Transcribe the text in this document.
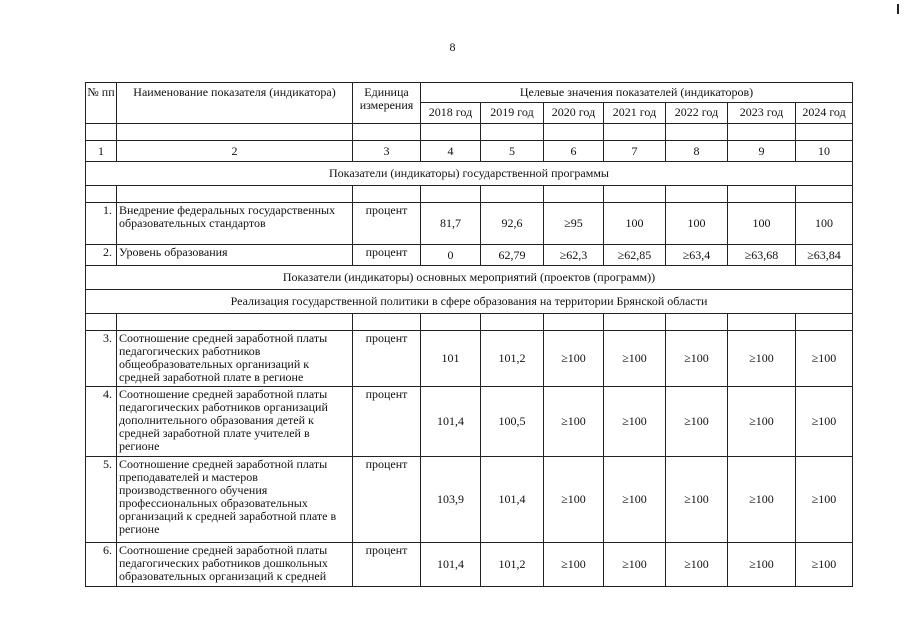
8
№ пп	Наименование показателя (индикатора)	Единица измерения	Целевые значения показателей (индикаторов)						
			2018 год	2019 год	2020 год	2021 год	2022 год	2023 год	2024 год

1	2	3	4	5	6	7	8	9	10
Показатели (индикаторы) государственной программы									

1.	Внедрение федеральных государственных образовательных стандартов	процент	81,7	92,6	≥95	100	100	100	100
2.	Уровень образования	процент	0	62,79	≥62,3	≥62,85	≥63,4	≥63,68	≥63,84
Показатели (индикаторы) основных мероприятий (проектов (программ))									
Реализация государственной политики в сфере образования на территории Брянской области									

3.	Соотношение средней заработной платы педагогических работников общеобразовательных организаций к средней заработной плате в регионе	процент	101	101,2	≥100	≥100	≥100	≥100	≥100
4.	Соотношение средней заработной платы педагогических работников организаций дополнительного образования детей к средней заработной плате учителей в регионе	процент	101,4	100,5	≥100	≥100	≥100	≥100	≥100
5.	Соотношение средней заработной платы преподавателей и мастеров производственного обучения профессиональных образовательных организаций к средней заработной плате в регионе	процент	103,9	101,4	≥100	≥100	≥100	≥100	≥100
6.	Соотношение средней заработной платы педагогических работников дошкольных образовательных организаций к средней	процент	101,4	101,2	≥100	≥100	≥100	≥100	≥100
